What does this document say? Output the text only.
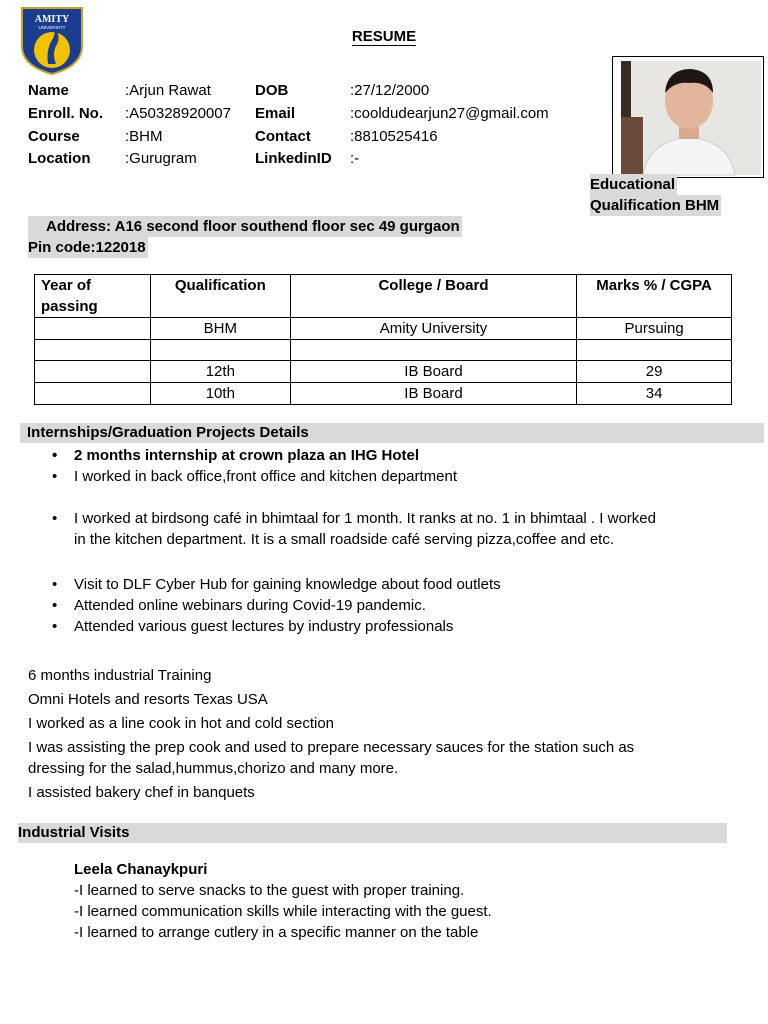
AMITY
UNIVERSITY
RESUME
Name	:Arjun Rawat
Enroll. No. :A50328920007
Course	:BHM
Location :Gurugram
DOB	:27/12/2000
Email	:cooldudearjun27@gmail.com
Contact	:8810525416
LinkedinID :-
Educational
Qualification BHM
Address: A16 second floor southend floor sec 49 gurgaon
Pin code:122018
Year of passing	Qualification	College / Board	Marks % / CGPA
	BHM	Amity University	Pursuing

	12th	IB Board	29
	10th	IB Board	34
Internships/Graduation Projects Details
• 2 months internship at crown plaza an IHG Hotel
• I worked in back office,front office and kitchen department
• I worked at birdsong café in bhimtaal for 1 month. It ranks at no. 1 in bhimtaal . I worked
in the kitchen department. It is a small roadside café serving pizza,coffee and etc.
• Visit to DLF Cyber Hub for gaining knowledge about food outlets
• Attended online webinars during Covid-19 pandemic.
• Attended various guest lectures by industry professionals
6 months industrial Training
Omni Hotels and resorts Texas USA
I worked as a line cook in hot and cold section
I was assisting the prep cook and used to prepare necessary sauces for the station such as
dressing for the salad,hummus,chorizo and many more.
I assisted bakery chef in banquets
Industrial Visits
Leela Chanaykpuri
-I learned to serve snacks to the guest with proper training.
-I learned communication skills while interacting with the guest.
-I learned to arrange cutlery in a specific manner on the table
